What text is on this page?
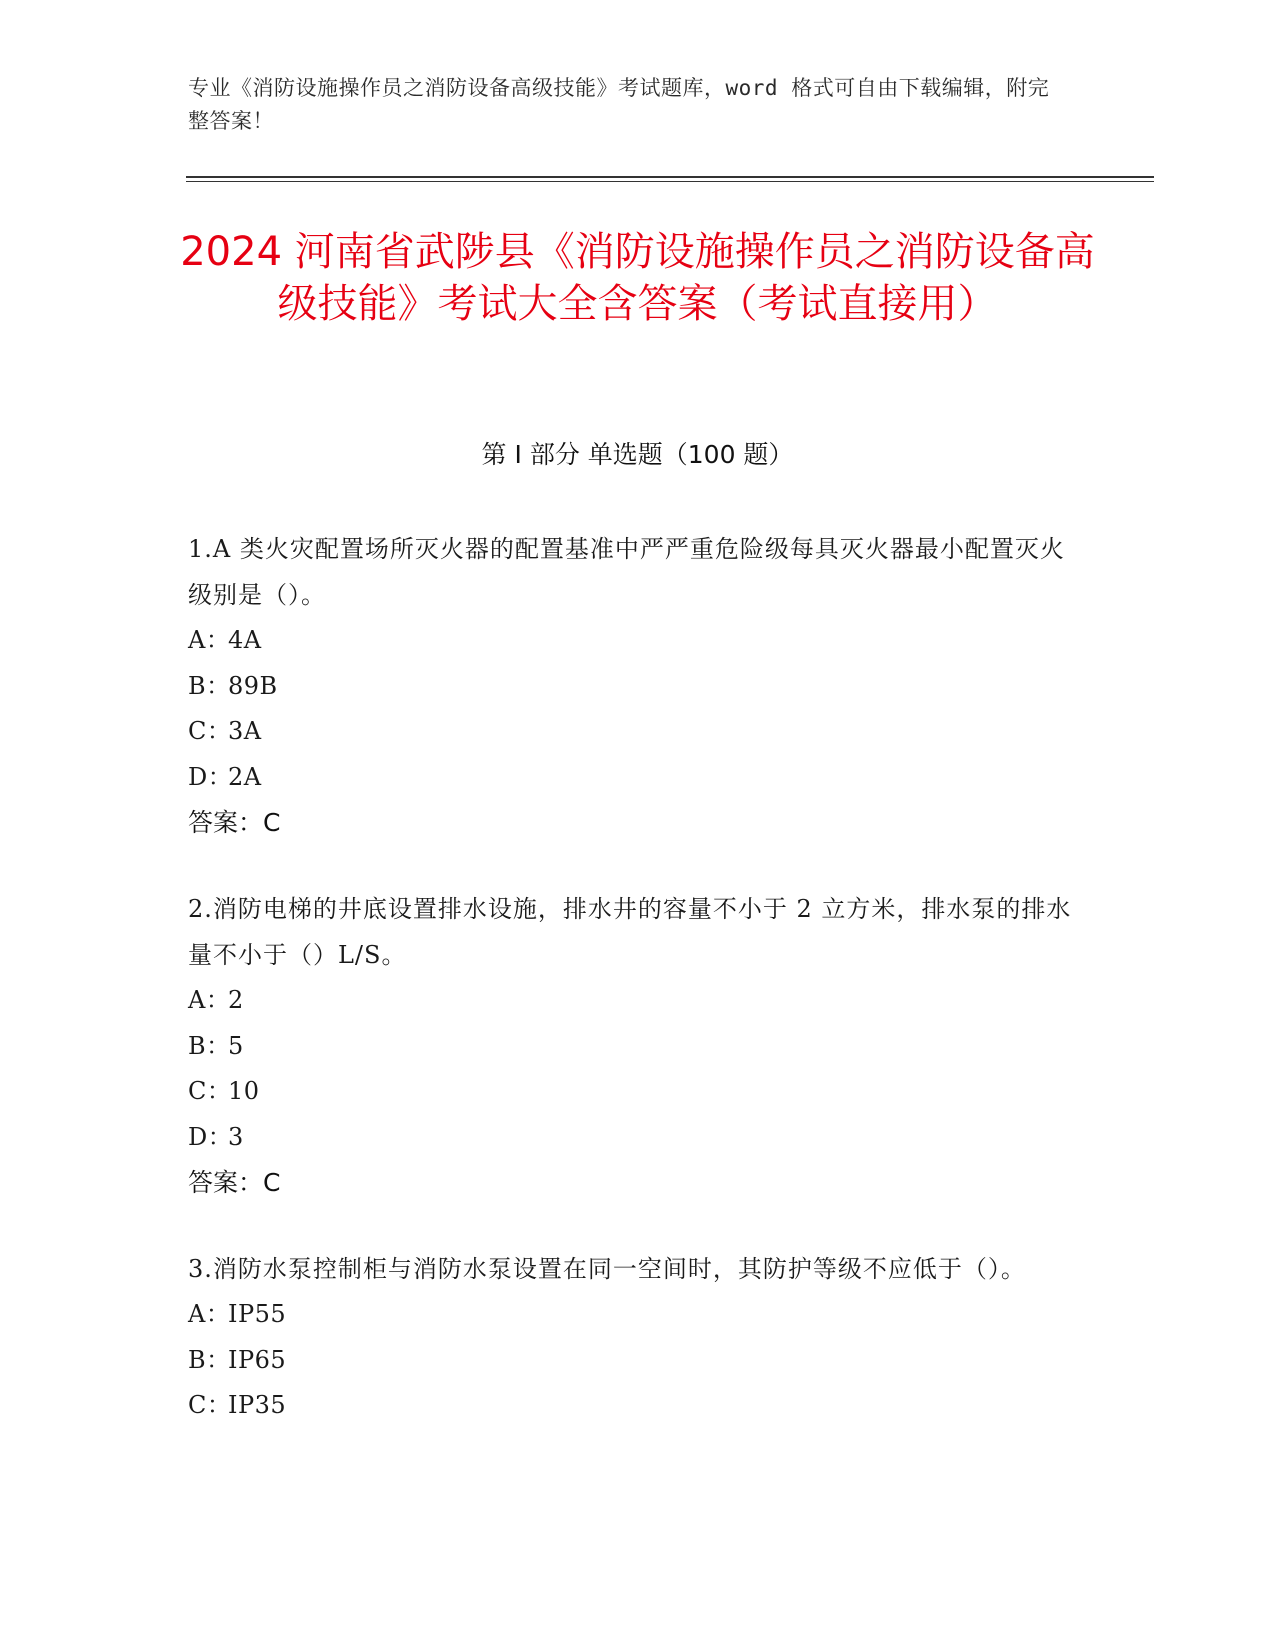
专业《消防设施操作员之消防设备高级技能》考试题库，word 格式可自由下载编辑，附完整答案！
2024 河南省武陟县《消防设施操作员之消防设备高级技能》考试大全含答案（考试直接用）
第 I 部分 单选题（100 题）

1.A 类火灾配置场所灭火器的配置基准中严严重危险级每具灭火器最小配置灭火级别是（）。

A：4A
B：89B
C：3A
D：2A
答案：C

2.消防电梯的井底设置排水设施，排水井的容量不小于 2 立方米，排水泵的排水量不小于（）L/S。

A：2
B：5
C：10
D：3
答案：C

3.消防水泵控制柜与消防水泵设置在同一空间时，其防护等级不应低于（）。

A：IP55
B：IP65
C：IP35
